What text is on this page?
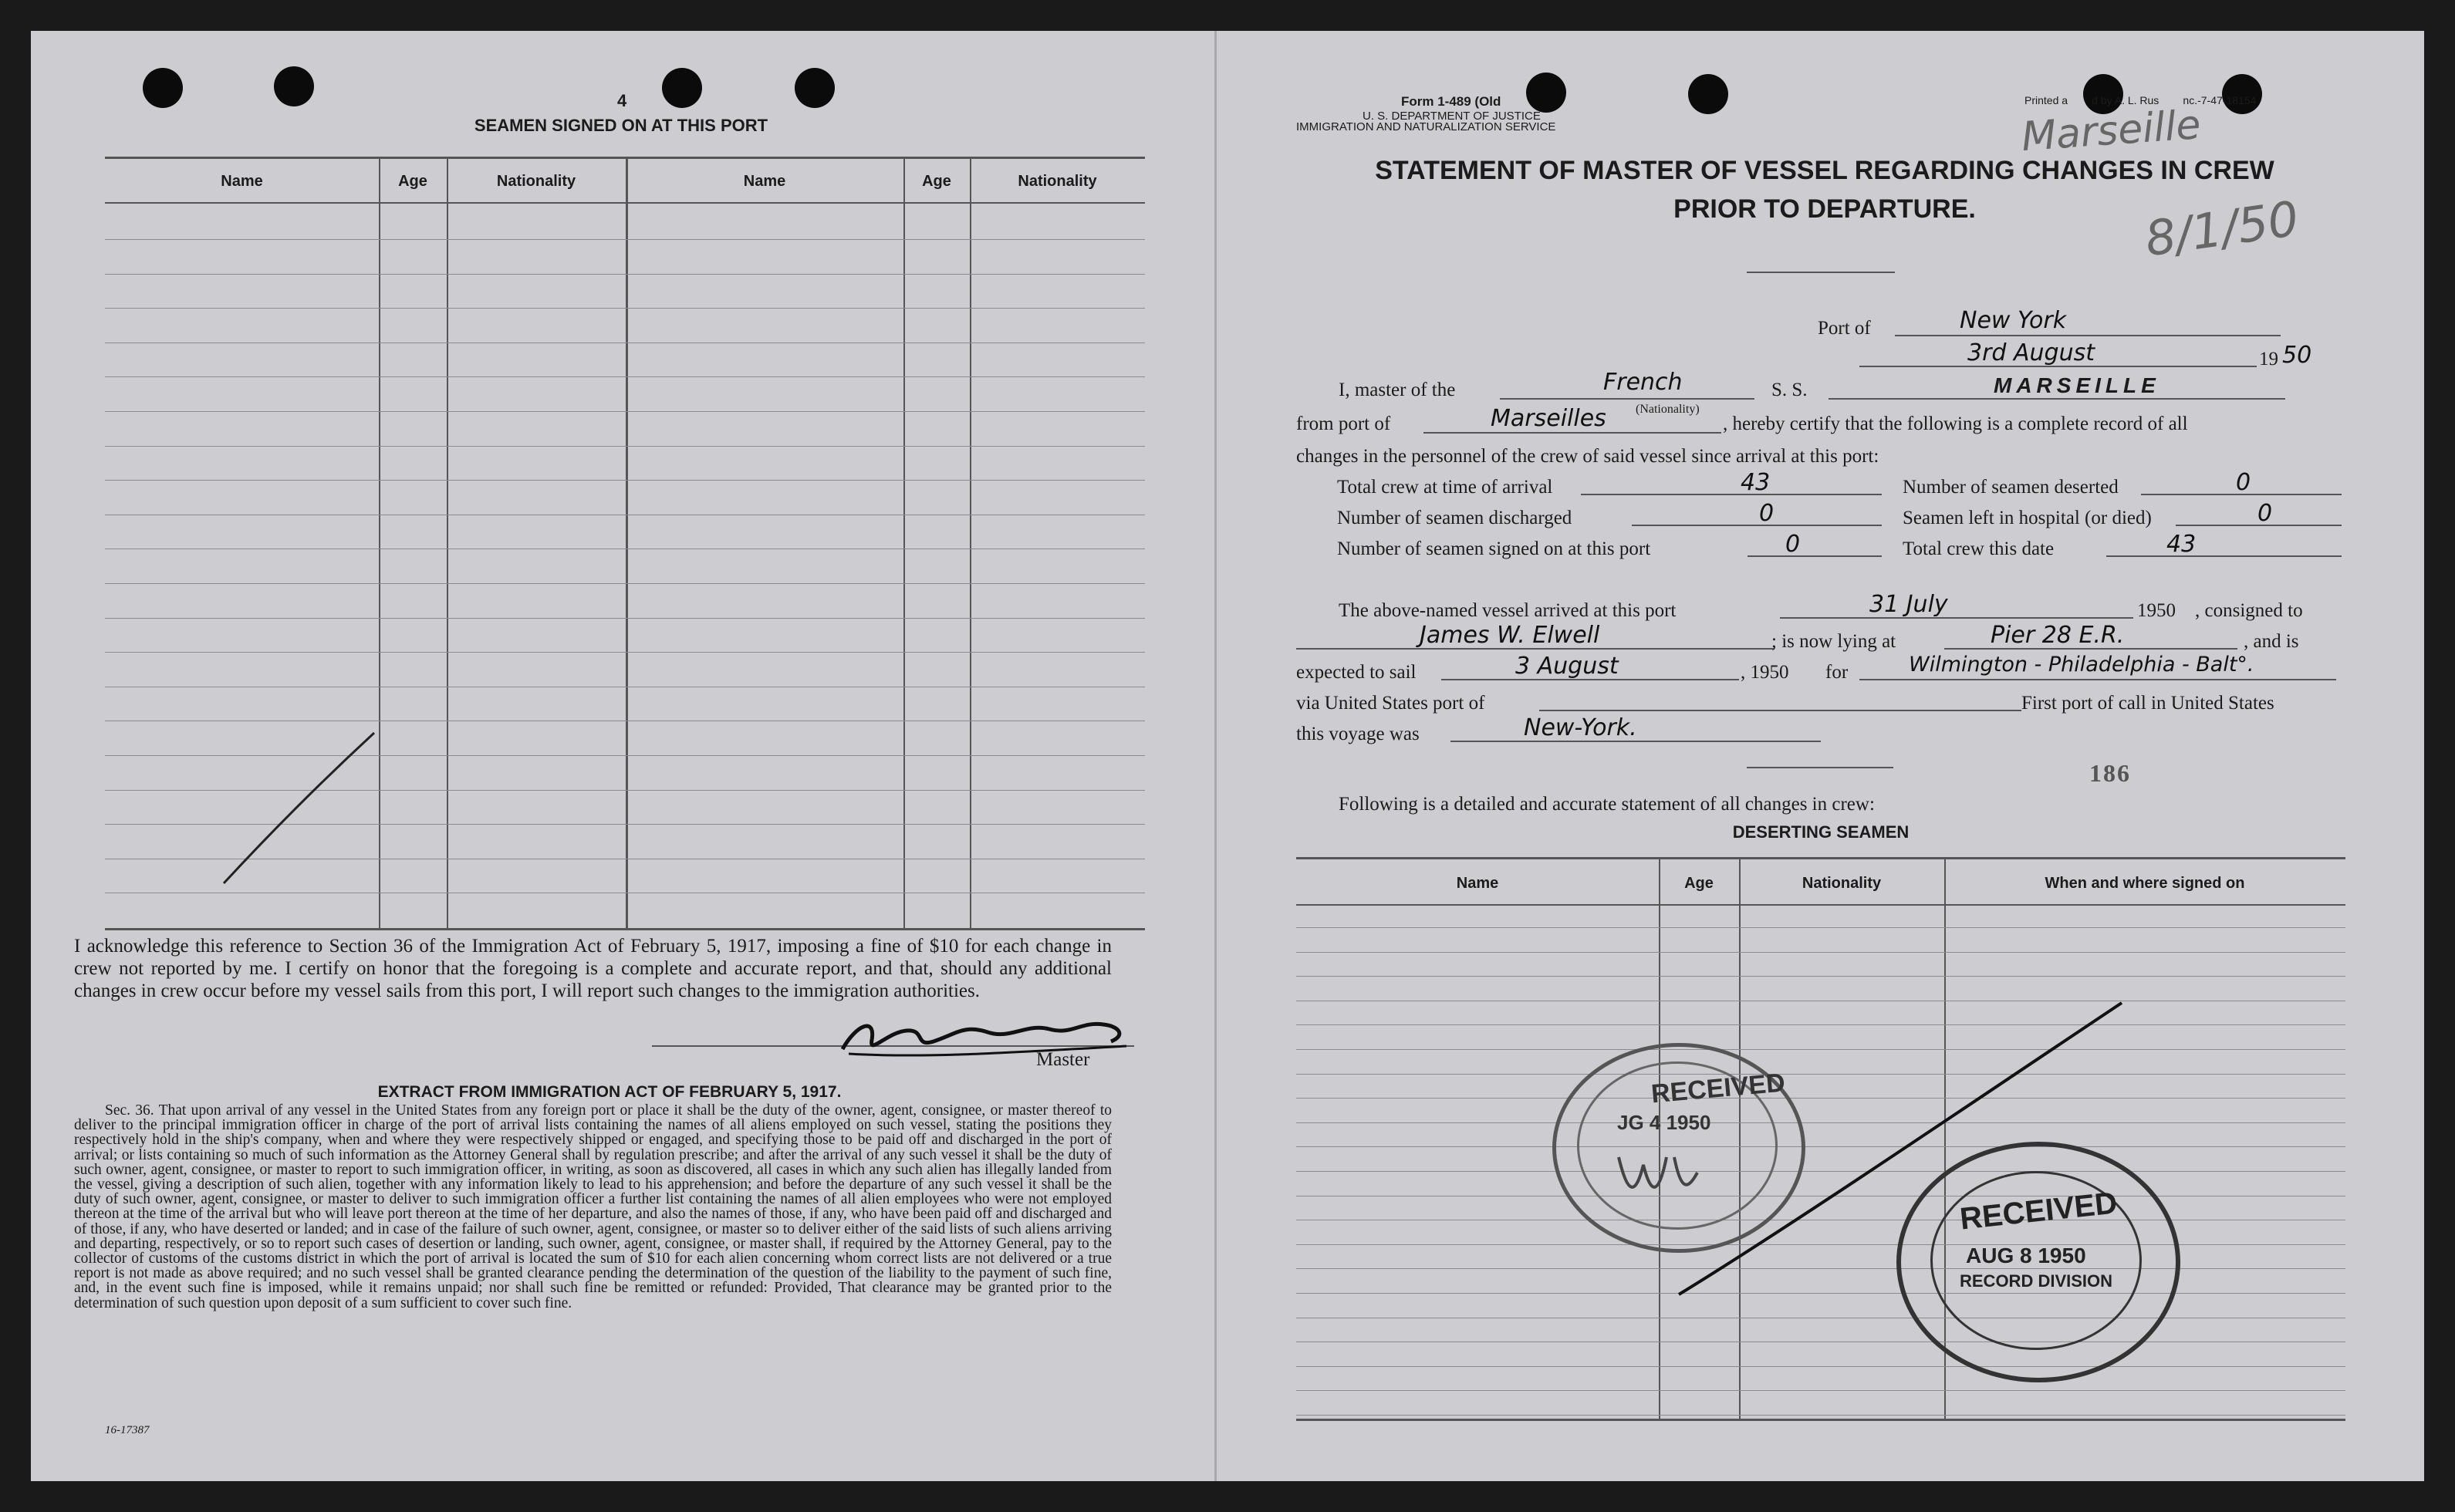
4
SEAMEN SIGNED ON AT THIS PORT
Name	Age	Nationality	Name	Age	Nationality

I acknowledge this reference to Section 36 of the Immigration Act of February 5, 1917, imposing a fine of $10 for each change in crew not reported by me. I certify on honor that the foregoing is a complete and accurate report, and that, should any additional changes in crew occur before my vessel sails from this port, I will report such changes to the immigration authorities.

Master
EXTRACT FROM IMMIGRATION ACT OF FEBRUARY 5, 1917.

Sec. 36. That upon arrival of any vessel in the United States from any foreign port or place it shall be the duty of the owner, agent, consignee, or master thereof to deliver to the principal immigration officer in charge of the port of arrival lists containing the names of all aliens employed on such vessel, stating the positions they respectively hold in the ship's company, when and where they were respectively shipped or engaged, and specifying those to be paid off and discharged in the port of arrival; or lists containing so much of such information as the Attorney General shall by regulation prescribe; and after the arrival of any such vessel it shall be the duty of such owner, agent, consignee, or master to report to such immigration officer, in writing, as soon as discovered, all cases in which any such alien has illegally landed from the vessel, giving a description of such alien, together with any information likely to lead to his apprehension; and before the departure of any such vessel it shall be the duty of such owner, agent, consignee, or master to deliver to such immigration officer a further list containing the names of all alien employees who were not employed thereon at the time of the arrival but who will leave port thereon at the time of her departure, and also the names of those, if any, who have been paid off and discharged and of those, if any, who have deserted or landed; and in case of the failure of such owner, agent, consignee, or master so to deliver either of the said lists of such aliens arriving and departing, respectively, or so to report such cases of desertion or landing, such owner, agent, consignee, or master shall, if required by the Attorney General, pay to the collector of customs of the customs district in which the port of arrival is located the sum of $10 for each alien concerning whom correct lists are not delivered or a true report is not made as above required; and no such vessel shall be granted clearance pending the determination of the question of the liability to the payment of such fine, and, in the event such fine is imposed, while it remains unpaid; nor shall such fine be remitted or refunded: Provided, That clearance may be granted prior to the determination of such question upon deposit of a sum sufficient to cover such fine.

16-17387
Form 1-489 (Old
U. S. DEPARTMENT OF JUSTICE
IMMIGRATION AND NATURALIZATION SERVICE
Printed a        d by A. L. Rus        nc.-7-47-18154
Marseille
8/1/50
STATEMENT OF MASTER OF VESSEL REGARDING CHANGES IN CREW
PRIOR TO DEPARTURE.
Port of	New York
3rd August	19 50
I, master of the	French
(Nationality)
S. S.	MARSEILLE
from port of	Marseilles	, hereby certify that the following is a complete record of all
changes in the personnel of the crew of said vessel since arrival at this port:
Total crew at time of arrival	43	Number of seamen deserted	0
Number of seamen discharged	0	Seamen left in hospital (or died)	0
Number of seamen signed on at this port	0	Total crew this date	43
The above-named vessel arrived at this port	31 July	1950 , consigned to
James W. Elwell	; is now lying at	Pier 28 E.R.	, and is
expected to sail	3 August	, 1950 for	Wilmington - Philadelphia - Balt°.
via United States port of	First port of call in United States
this voyage was	New-York.
186
Following is a detailed and accurate statement of all changes in crew:
DESERTING SEAMEN
Name	Age	Nationality	When and where signed on
RECEIVED
JG 4 1950
RECEIVED
AUG 8 1950
RECORD DIVISION
